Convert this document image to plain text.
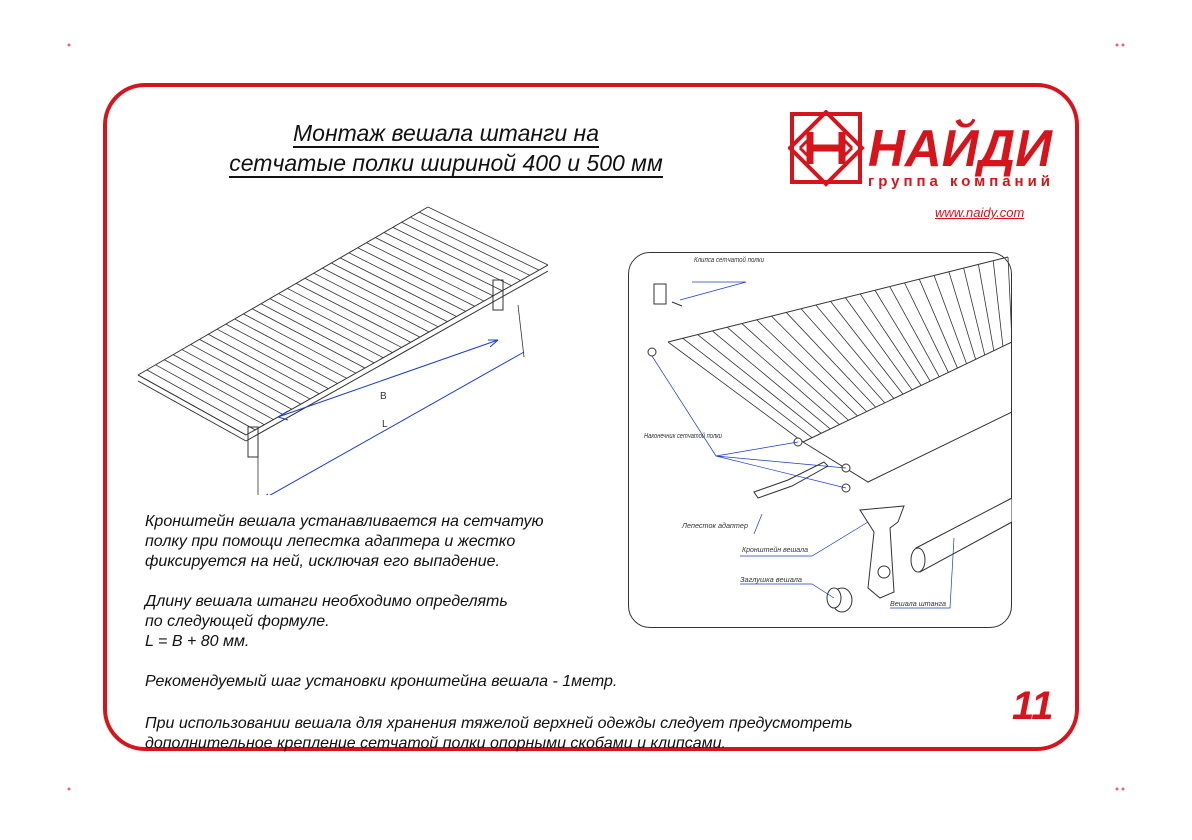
Монтаж вешала штанги на
сетчатые полки шириной 400 и 500 мм	НАЙДИ
группа компаний
www.naidy.com
B
L
Клипса сетчатой полки
Наконечник сетчатой полки
Лепесток адаптер
Кронштейн вешала
Заглушка вешала
Вешала штанга
Кронштейн вешала устанавливается на сетчатую
полку при помощи лепестка адаптера и жестко
фиксируется на ней, исключая его выпадение.
Длину вешала штанги необходимо определять
по следующей формуле.
L = B + 80 мм.
Рекомендуемый шаг установки кронштейна вешала - 1метр.
При использовании вешала для хранения тяжелой верхней одежды следует предусмотреть
дополнительное крепление сетчатой полки опорными скобами и клипсами.
11
